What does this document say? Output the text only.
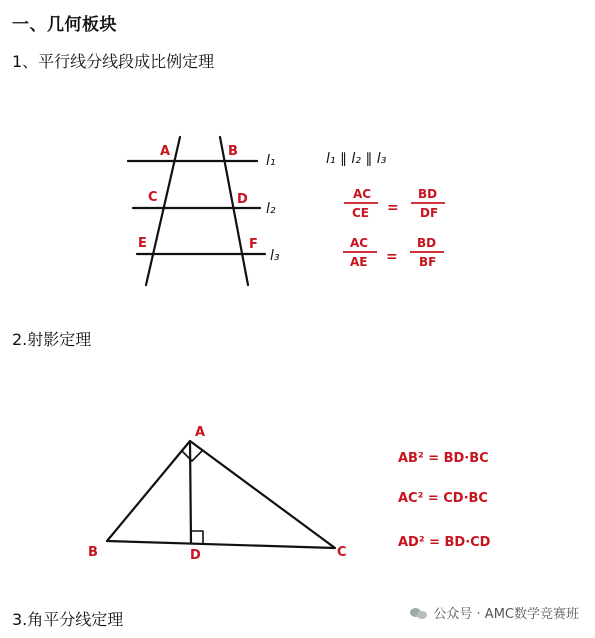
一、几何板块
1、平行线分线段成比例定理
2.射影定理
3.角平分线定理
A	B
C	D
E	F
l₁
l₂
l₃
l₁ ∥ l₂ ∥ l₃
AC
CE =
BD
DF
AC
AE =
BD
BF
A
B	C
D
AB² = BD·BC
AC² = CD·BC
AD² = BD·CD
公众号 · AMC数学竞赛班
